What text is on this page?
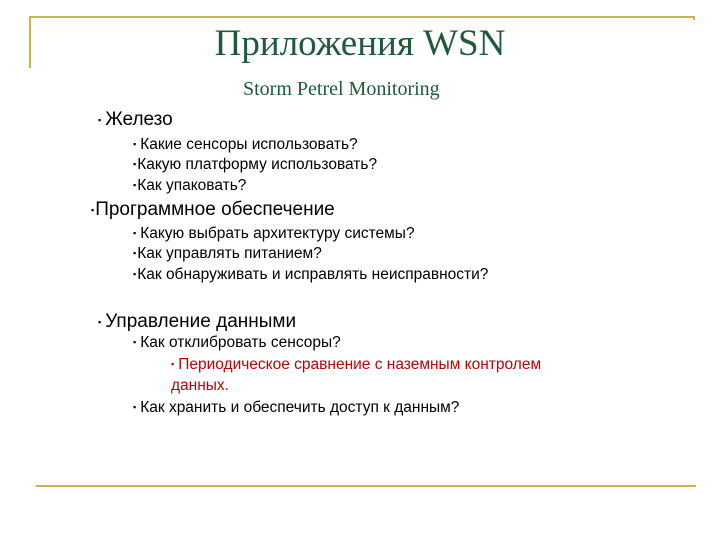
Приложения WSN
Storm Petrel Monitoring
▪ Железо
▪ Какие сенсоры использовать?
▪Какую платформу использовать?
▪Как упаковать?
▪Программное обеспечение
▪ Какую выбрать архитектуру системы?
▪Как управлять питанием?
▪Как обнаруживать и исправлять неисправности?
▪ Управление данными
▪ Как отклибровать сенсоры?
▪ Периодическое сравнение с наземным контролем
данных.
▪ Как хранить и обеспечить доступ к данным?
